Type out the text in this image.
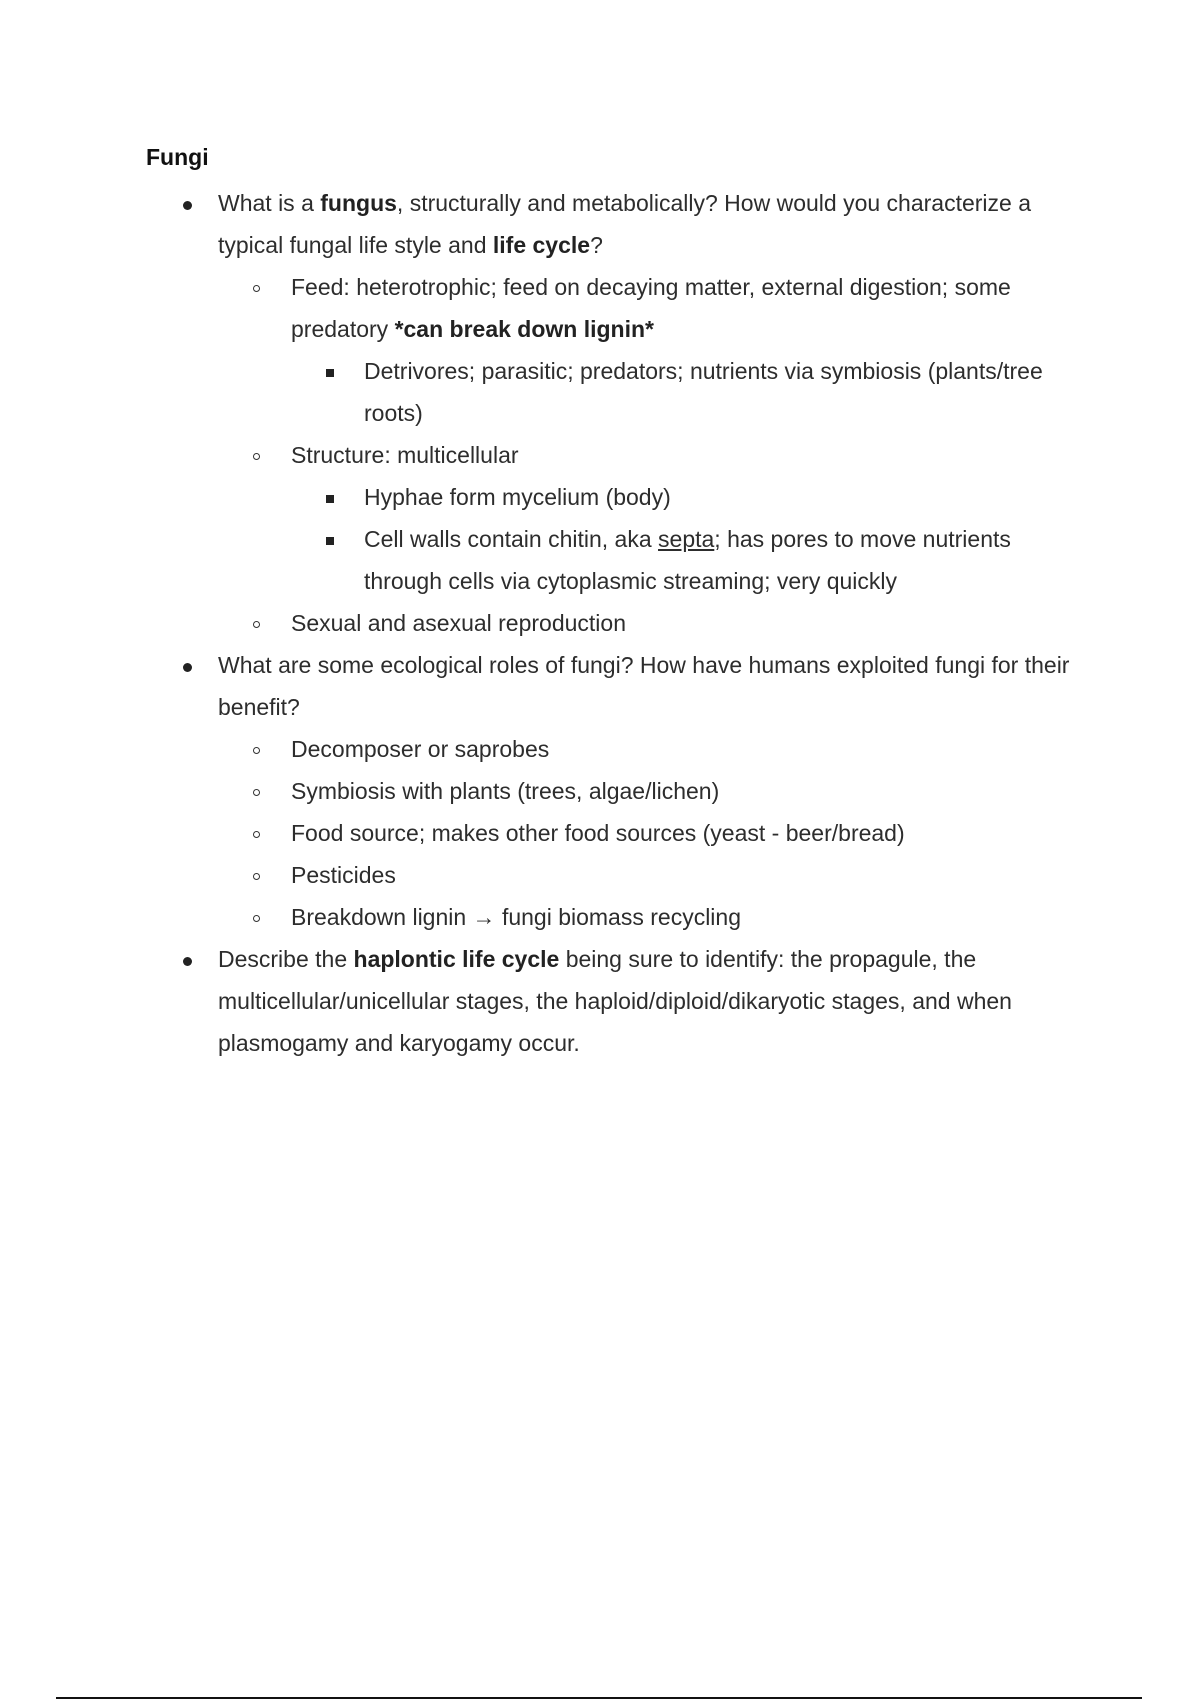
Fungi
What is a fungus, structurally and metabolically? How would you characterize a typical fungal life style and life cycle?
Feed: heterotrophic; feed on decaying matter, external digestion; some predatory *can break down lignin*
Detrivores; parasitic; predators; nutrients via symbiosis (plants/tree roots)
Structure: multicellular
Hyphae form mycelium (body)
Cell walls contain chitin, aka septa; has pores to move nutrients through cells via cytoplasmic streaming; very quickly
Sexual and asexual reproduction
What are some ecological roles of fungi? How have humans exploited fungi for their benefit?
Decomposer or saprobes
Symbiosis with plants (trees, algae/lichen)
Food source; makes other food sources (yeast - beer/bread)
Pesticides
Breakdown lignin → fungi biomass recycling
Describe the haplontic life cycle being sure to identify: the propagule, the multicellular/unicellular stages, the haploid/diploid/dikaryotic stages, and when plasmogamy and karyogamy occur.
